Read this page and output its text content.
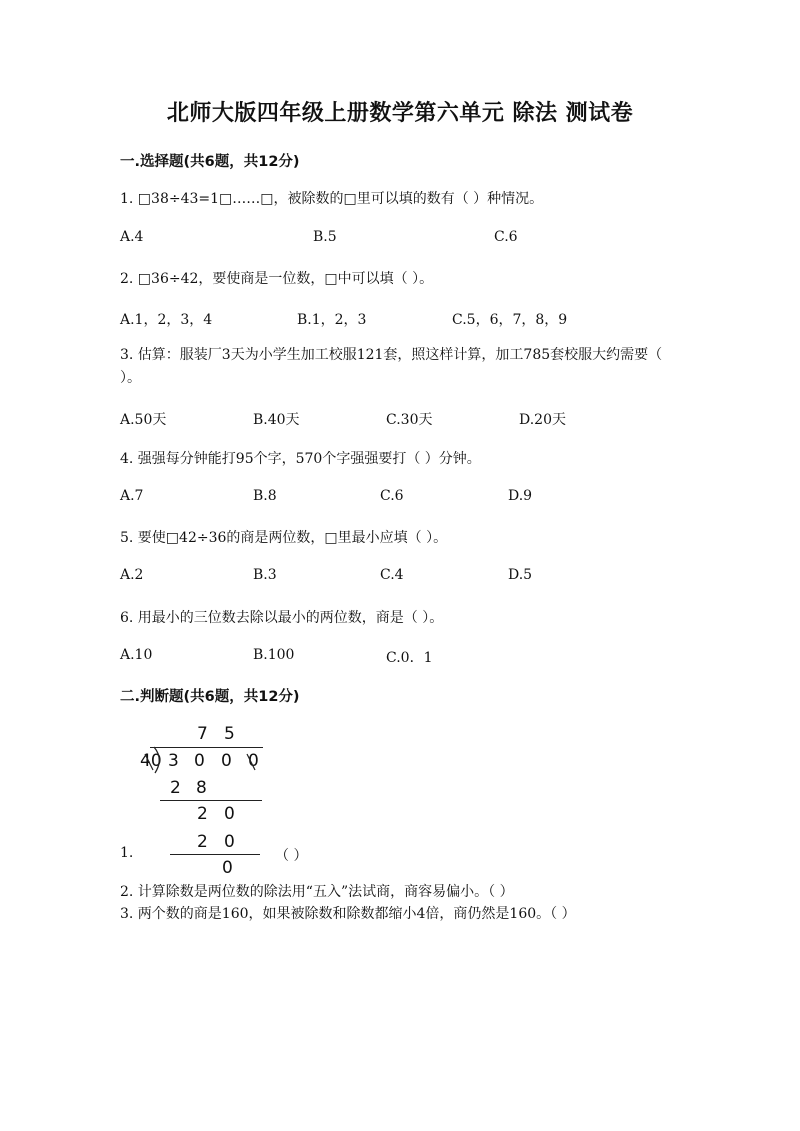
北师大版四年级上册数学第六单元 除法 测试卷
一.选择题(共6题，共12分)
1. □38÷43=1□……□，被除数的□里可以填的数有（ ）种情况。
A.4	B.5	C.6
2. □36÷42，要使商是一位数，□中可以填（ ）。
A.1，2，3，4	B.1，2，3	C.5，6，7，8，9
3. 估算：服装厂3天为小学生加工校服121套，照这样计算，加工785套校服大约需要（ ）。
A.50天	B.40天	C.30天	D.20天
4. 强强每分钟能打95个字，570个字强强要打（ ）分钟。
A.7	B.8	C.6	D.9
5. 要使□42÷36的商是两位数，□里最小应填（ ）。
A.2	B.3	C.4	D.5
6. 用最小的三位数去除以最小的两位数，商是（ ）。
A.10	B.100	C.0．1
二.判断题(共6题，共12分)
7 5
40 3 0 0 0
2 8
2 0
2 0
0
1.	（ ）
2. 计算除数是两位数的除法用“五入”法试商，商容易偏小。（ ）
3. 两个数的商是160，如果被除数和除数都缩小4倍，商仍然是160。（ ）
